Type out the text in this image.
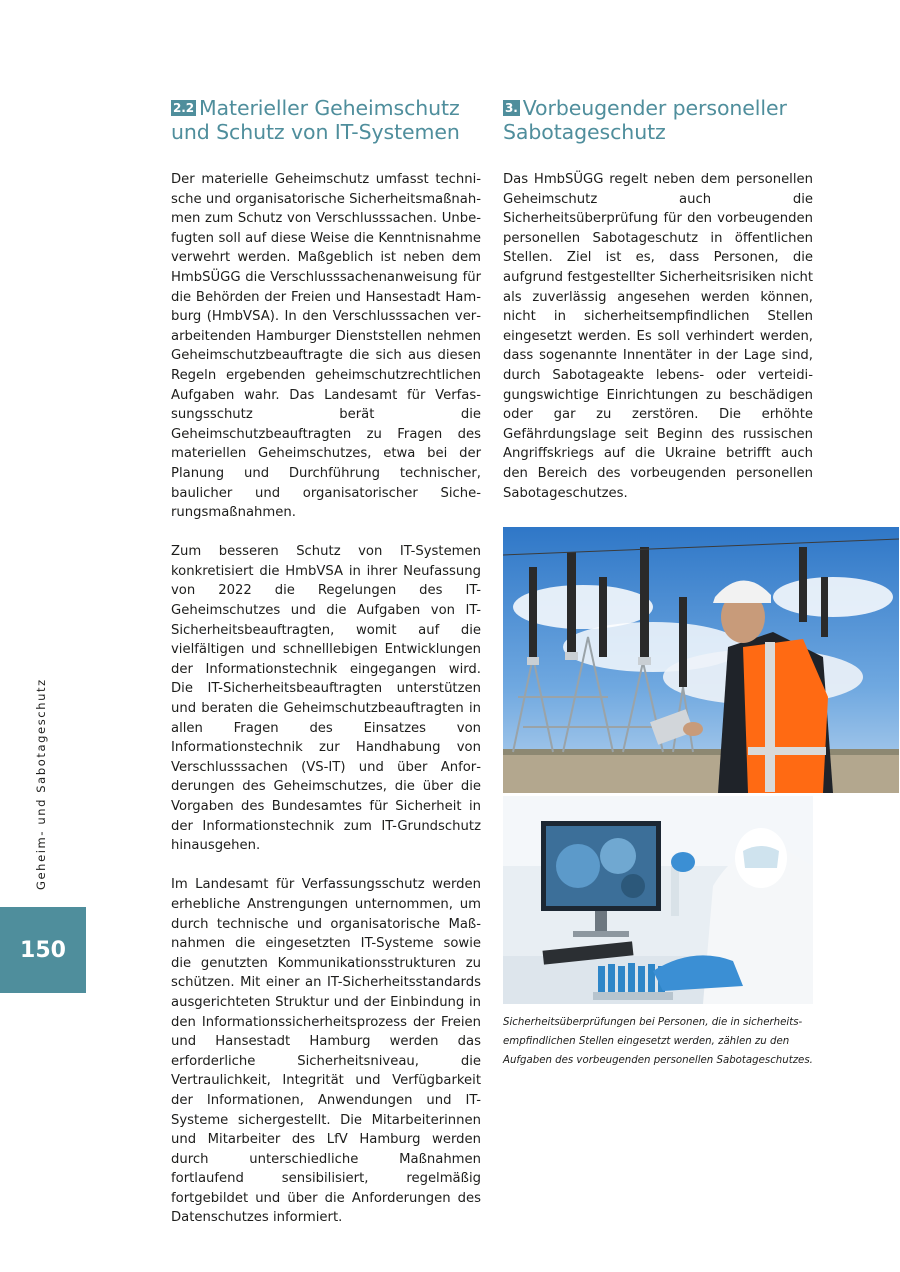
2.2 Materieller Geheimschutz
und Schutz von IT-Systemen
3. Vorbeugender personeller
Sabotageschutz

Der materielle Geheimschutz umfasst technische und organisatorische Sicherheitsmaßnahmen zum Schutz von Verschlusssachen. Unbefugten soll auf diese Weise die Kenntnisnahme verwehrt werden. Maßgeblich ist neben dem HmbSÜGG die Verschlusssachenanweisung für die Behörden der Freien und Hansestadt Hamburg (HmbVSA). In den Verschlusssachen verarbeitenden Hamburger Dienststellen nehmen Geheimschutzbeauftragte die sich aus diesen Regeln ergebenden geheimschutzrechtlichen Aufgaben wahr. Das Landesamt für Verfassungsschutz berät die Geheimschutzbeauftragten zu Fragen des materiellen Geheimschutzes, etwa bei der Planung und Durchführung technischer, baulicher und organisatorischer Sicherungsmaßnahmen.

Zum besseren Schutz von IT-Systemen konkretisiert die HmbVSA in ihrer Neufassung von 2022 die Regelungen des IT-Geheimschutzes und die Aufgaben von IT-Sicherheitsbeauftragten, womit auf die vielfältigen und schnelllebigen Entwicklungen der Informationstechnik eingegangen wird. Die IT-Sicherheitsbeauftragten unterstützen und beraten die Geheimschutzbeauftragten in allen Fragen des Einsatzes von Informationstechnik zur Handhabung von Verschlusssachen (VS-IT) und über Anforderungen des Geheimschutzes, die über die Vorgaben des Bundesamtes für Sicherheit in der Informationstechnik zum IT-Grundschutz hinausgehen.

Im Landesamt für Verfassungsschutz werden erhebliche Anstrengungen unternommen, um durch technische und organisatorische Maßnahmen die eingesetzten IT-Systeme sowie die genutzten Kommunikationsstrukturen zu schützen. Mit einer an IT-Sicherheitsstandards ausgerichteten Struktur und der Einbindung in den Informationssicherheitsprozess der Freien und Hansestadt Hamburg werden das erforderliche Sicherheitsniveau, die Vertraulichkeit, Integrität und Verfügbarkeit der Informationen, Anwendungen und IT-Systeme sichergestellt. Die Mitarbeiterinnen und Mitarbeiter des LfV Hamburg werden durch unterschiedliche Maßnahmen fortlaufend sensibilisiert, regelmäßig fortgebildet und über die Anforderungen des Datenschutzes informiert.

Das HmbSÜGG regelt neben dem personellen Geheimschutz auch die Sicherheitsüberprüfung für den vorbeugenden personellen Sabotageschutz in öffentlichen Stellen. Ziel ist es, dass Personen, die aufgrund festgestellter Sicherheitsrisiken nicht als zuverlässig angesehen werden können, nicht in sicherheitsempfindlichen Stellen eingesetzt werden. Es soll verhindert werden, dass sogenannte Innentäter in der Lage sind, durch Sabotageakte lebens- oder verteidigungswichtige Einrichtungen zu beschädigen oder gar zu zerstören. Die erhöhte Gefährdungslage seit Beginn des russischen Angriffskriegs auf die Ukraine betrifft auch den Bereich des vorbeugenden personellen Sabotageschutzes.

Sicherheitsüberprüfungen bei Personen, die in sicherheits-
empfindlichen Stellen eingesetzt werden, zählen zu den
Aufgaben des vorbeugenden personellen Sabotageschutzes.

Geheim- und Sabotageschutz
150
